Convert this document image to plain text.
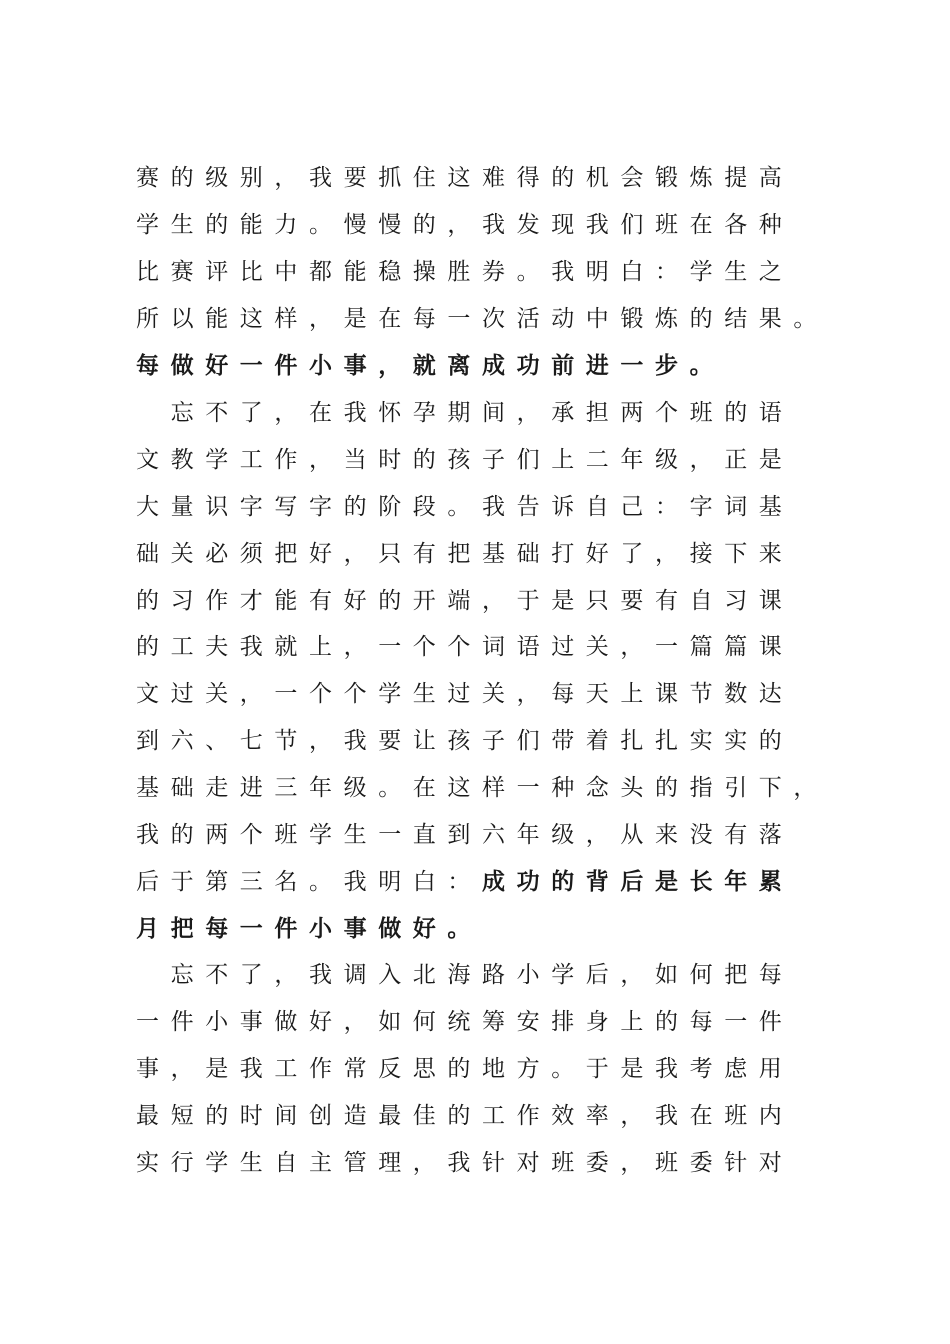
赛的级别，我要抓住这难得的机会锻炼提高
学生的能力。慢慢的，我发现我们班在各种
比赛评比中都能稳操胜券。我明白：学生之
所以能这样，是在每一次活动中锻炼的结果。
每做好一件小事，就离成功前进一步。
　忘不了，在我怀孕期间，承担两个班的语
文教学工作，当时的孩子们上二年级，正是
大量识字写字的阶段。我告诉自己：字词基
础关必须把好，只有把基础打好了，接下来
的习作才能有好的开端，于是只要有自习课
的工夫我就上，一个个词语过关，一篇篇课
文过关，一个个学生过关，每天上课节数达
到六、七节，我要让孩子们带着扎扎实实的
基础走进三年级。在这样一种念头的指引下，
我的两个班学生一直到六年级，从来没有落
后于第三名。我明白：成功的背后是长年累
月把每一件小事做好。
　忘不了，我调入北海路小学后，如何把每
一件小事做好，如何统筹安排身上的每一件
事，是我工作常反思的地方。于是我考虑用
最短的时间创造最佳的工作效率，我在班内
实行学生自主管理，我针对班委，班委针对
